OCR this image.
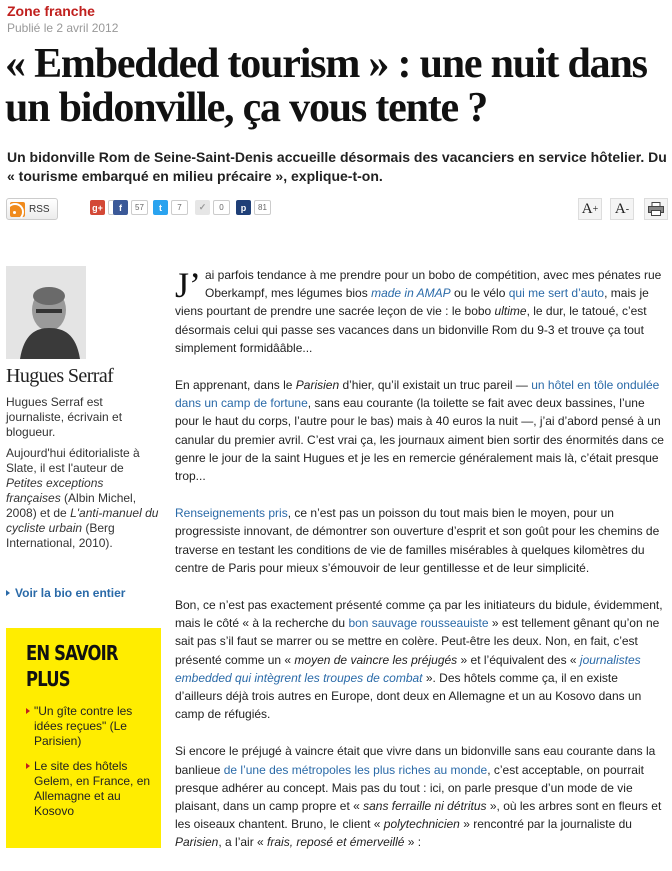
Zone franche
Publié le 2 avril 2012
« Embedded tourism » : une nuit dans un bidonville, ça vous tente ?

Un bidonville Rom de Seine-Saint-Denis accueille désormais des vacanciers en service hôtelier. Du « tourisme embarqué en milieu précaire », explique-t-on.

RSS	g+	f	57	t	7	✓	0	p	81	A + A -
Hugues Serraf

Hugues Serraf est journaliste, écrivain et blogueur.

Aujourd'hui éditorialiste à Slate, il est l'auteur de Petites exceptions françaises (Albin Michel, 2008) et de L'anti-manuel du cycliste urbain (Berg International, 2010).

Voir la bio en entier
EN SAVOIR PLUS
"Un gîte contre les idées reçues" (Le Parisien)
Le site des hôtels Gelem, en France, en Allemagne et au Kosovo

J’ ai parfois tendance à me prendre pour un bobo de compétition, avec mes pénates rue Oberkampf, mes légumes bios made in AMAP ou le vélo qui me sert d’auto, mais je viens pourtant de prendre une sacrée leçon de vie : le bobo ultime, le dur, le tatoué, c’est désormais celui qui passe ses vacances dans un bidonville Rom du 9-3 et trouve ça tout simplement formidââble...

En apprenant, dans le Parisien d’hier, qu’il existait un truc pareil — un hôtel en tôle ondulée dans un camp de fortune, sans eau courante (la toilette se fait avec deux bassines, l’une pour le haut du corps, l’autre pour le bas) mais à 40 euros la nuit —, j’ai d’abord pensé à un canular du premier avril. C’est vrai ça, les journaux aiment bien sortir des énormités dans ce genre le jour de la saint Hugues et je les en remercie généralement mais là, c’était presque trop...

Renseignements pris, ce n’est pas un poisson du tout mais bien le moyen, pour un progressiste innovant, de démontrer son ouverture d’esprit et son goût pour les chemins de traverse en testant les conditions de vie de familles misérables à quelques kilomètres du centre de Paris pour mieux s’émouvoir de leur gentillesse et de leur simplicité.

Bon, ce n’est pas exactement présenté comme ça par les initiateurs du bidule, évidemment, mais le côté « à la recherche du bon sauvage rousseauiste » est tellement gênant qu’on ne sait pas s’il faut se marrer ou se mettre en colère. Peut-être les deux. Non, en fait, c’est présenté comme un « moyen de vaincre les préjugés » et l’équivalent des « journalistes embedded qui intègrent les troupes de combat ». Des hôtels comme ça, il en existe d’ailleurs déjà trois autres en Europe, dont deux en Allemagne et un au Kosovo dans un camp de réfugiés.

Si encore le préjugé à vaincre était que vivre dans un bidonville sans eau courante dans la banlieue de l’une des métropoles les plus riches au monde, c’est acceptable, on pourrait presque adhérer au concept. Mais pas du tout : ici, on parle presque d’un mode de vie plaisant, dans un camp propre et « sans ferraille ni détritus », où les arbres sont en fleurs et les oiseaux chantent. Bruno, le client « polytechnicien » rencontré par la journaliste du Parisien, a l’air « frais, reposé et émerveillé » :
